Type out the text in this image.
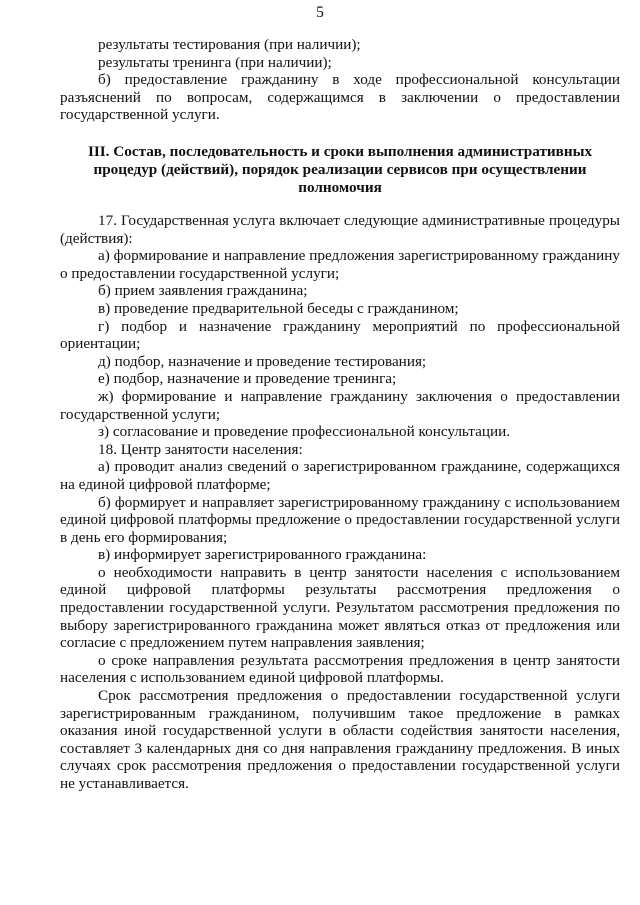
5

результаты тестирования (при наличии);

результаты тренинга (при наличии);

б) предоставление гражданину в ходе профессиональной консультации разъяснений по вопросам, содержащимся в заключении о предоставлении государственной услуги.

III. Состав, последовательность и сроки выполнения административных процедур (действий), порядок реализации сервисов при осуществлении полномочия

17. Государственная услуга включает следующие административные процедуры (действия):

а) формирование и направление предложения зарегистрированному гражданину о предоставлении государственной услуги;

б) прием заявления гражданина;

в) проведение предварительной беседы с гражданином;

г) подбор и назначение гражданину мероприятий по профессиональной ориентации;

д) подбор, назначение и проведение тестирования;

е) подбор, назначение и проведение тренинга;

ж) формирование и направление гражданину заключения о предоставлении государственной услуги;

з) согласование и проведение профессиональной консультации.

18. Центр занятости населения:

а) проводит анализ сведений о зарегистрированном гражданине, содержащихся на единой цифровой платформе;

б) формирует и направляет зарегистрированному гражданину с использованием единой цифровой платформы предложение о предоставлении государственной услуги в день его формирования;

в) информирует зарегистрированного гражданина:

о необходимости направить в центр занятости населения с использованием единой цифровой платформы результаты рассмотрения предложения о предоставлении государственной услуги. Результатом рассмотрения предложения по выбору зарегистрированного гражданина может являться отказ от предложения или согласие с предложением путем направления заявления;

о сроке направления результата рассмотрения предложения в центр занятости населения с использованием единой цифровой платформы.

Срок рассмотрения предложения о предоставлении государственной услуги зарегистрированным гражданином, получившим такое предложение в рамках оказания иной государственной услуги в области содействия занятости населения, составляет 3 календарных дня со дня направления гражданину предложения. В иных случаях срок рассмотрения предложения о предоставлении государственной услуги не устанавливается.
